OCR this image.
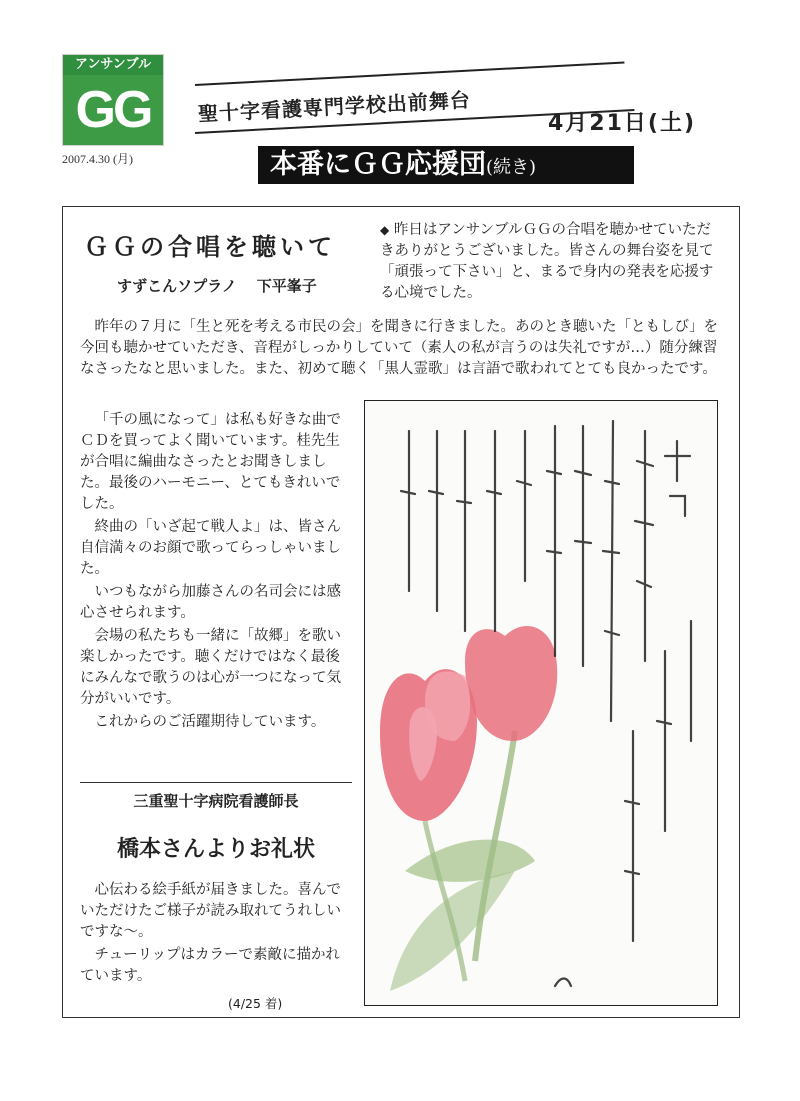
アンサンブル
GG
2007.4.30 (月)
聖十字看護専門学校出前舞台	4月21日(土)
本番にＧＧ応援団(続き)
ＧＧの合唱を聴いて
すずこんソプラノ 下平峯子
◆ 昨日はアンサンブルＧＧの合唱を聴かせていただきありがとうございました。皆さんの舞台姿を見て「頑張って下さい」と、まるで身内の発表を応援する心境でした。
昨年の７月に「生と死を考える市民の会」を聞きに行きました。あのとき聴いた「ともしび」を今回も聴かせていただき、音程がしっかりしていて（素人の私が言うのは失礼ですが…）随分練習なさったなと思いました。また、初めて聴く「黒人霊歌」は言語で歌われてとても良かったです。

「千の風になって」は私も好きな曲でＣＤを買ってよく聞いています。桂先生が合唱に編曲なさったとお聞きしました。最後のハーモニー、とてもきれいでした。

終曲の「いざ起て戦人よ」は、皆さん自信満々のお顔で歌ってらっしゃいました。

いつもながら加藤さんの名司会には感心させられます。

会場の私たちも一緒に「故郷」を歌い楽しかったです。聴くだけではなく最後にみんなで歌うのは心が一つになって気分がいいです。

これからのご活躍期待しています。

三重聖十字病院看護師長
橋本さんよりお礼状

心伝わる絵手紙が届きました。喜んでいただけたご様子が読み取れてうれしいですな〜。

チューリップはカラーで素敵に描かれています。

(4/25 着)
